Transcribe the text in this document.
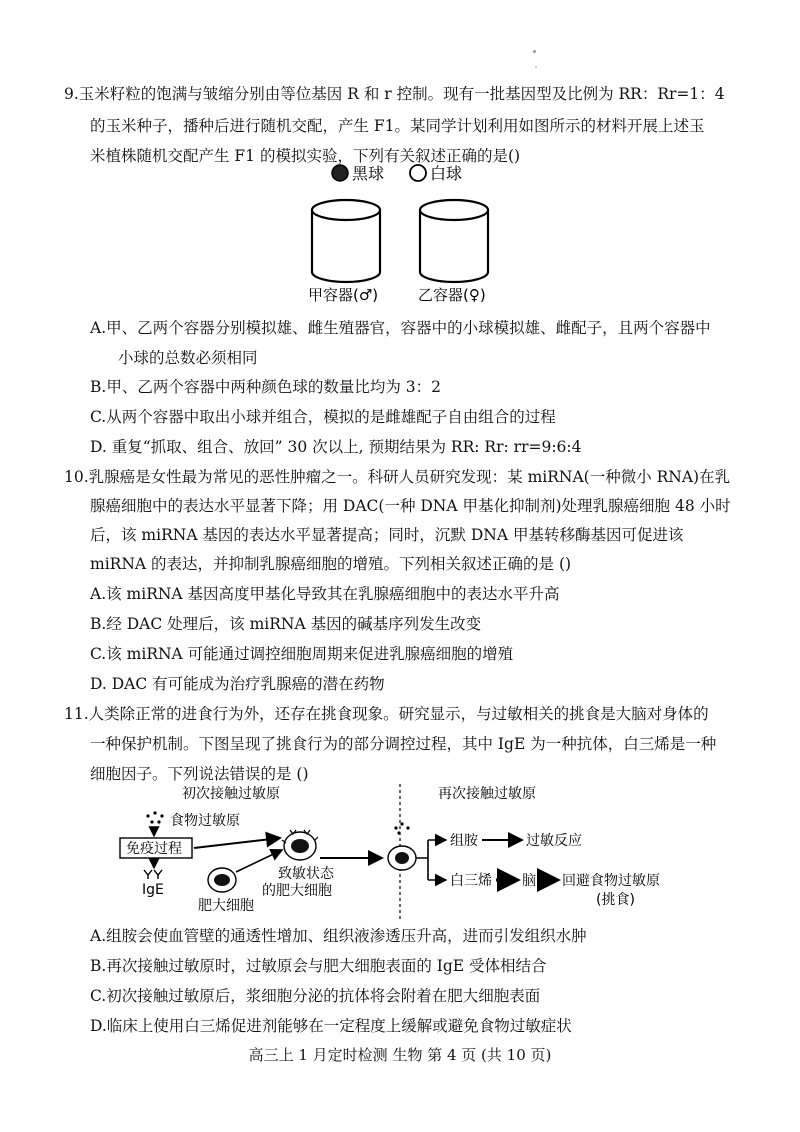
9.玉米籽粒的饱满与皱缩分别由等位基因 R 和 r 控制。现有一批基因型及比例为 RR：Rr=1：4
的玉米种子，播种后进行随机交配，产生 F1。某同学计划利用如图所示的材料开展上述玉
米植株随机交配产生 F1 的模拟实验，下列有关叙述正确的是()
黑球	白球
甲容器(♂)	乙容器(♀)
A.甲、乙两个容器分别模拟雄、雌生殖器官，容器中的小球模拟雄、雌配子，且两个容器中
小球的总数必须相同
B.甲、乙两个容器中两种颜色球的数量比均为 3：2
C.从两个容器中取出小球并组合，模拟的是雌雄配子自由组合的过程
D. 重复“抓取、组合、放回” 30 次以上, 预期结果为 RR: Rr: rr=9:6:4
10.乳腺癌是女性最为常见的恶性肿瘤之一。科研人员研究发现：某 miRNA(一种微小 RNA)在乳
腺癌细胞中的表达水平显著下降；用 DAC(一种 DNA 甲基化抑制剂)处理乳腺癌细胞 48 小时
后，该 miRNA 基因的表达水平显著提高；同时，沉默 DNA 甲基转移酶基因可促进该
miRNA 的表达，并抑制乳腺癌细胞的增殖。下列相关叙述正确的是 ()
A.该 miRNA 基因高度甲基化导致其在乳腺癌细胞中的表达水平升高
B.经 DAC 处理后，该 miRNA 基因的碱基序列发生改变
C.该 miRNA 可能通过调控细胞周期来促进乳腺癌细胞的增殖
D. DAC 有可能成为治疗乳腺癌的潜在药物
11.人类除正常的进食行为外，还存在挑食现象。研究显示，与过敏相关的挑食是大脑对身体的
一种保护机制。下图呈现了挑食行为的部分调控过程，其中 IgE 为一种抗体，白三烯是一种
细胞因子。下列说法错误的是 ()
初次接触过敏原	再次接触过敏原
食物过敏原
免疫过程
IgE
肥大细胞
致敏状态
的肥大细胞
组胺	过敏反应
白三烯 脑 回避食物过敏原
(挑食)
A.组胺会使血管壁的通透性增加、组织液渗透压升高，进而引发组织水肿
B.再次接触过敏原时，过敏原会与肥大细胞表面的 IgE 受体相结合
C.初次接触过敏原后，浆细胞分泌的抗体将会附着在肥大细胞表面
D.临床上使用白三烯促进剂能够在一定程度上缓解或避免食物过敏症状
高三上 1 月定时检测 生物 第 4 页 (共 10 页)
